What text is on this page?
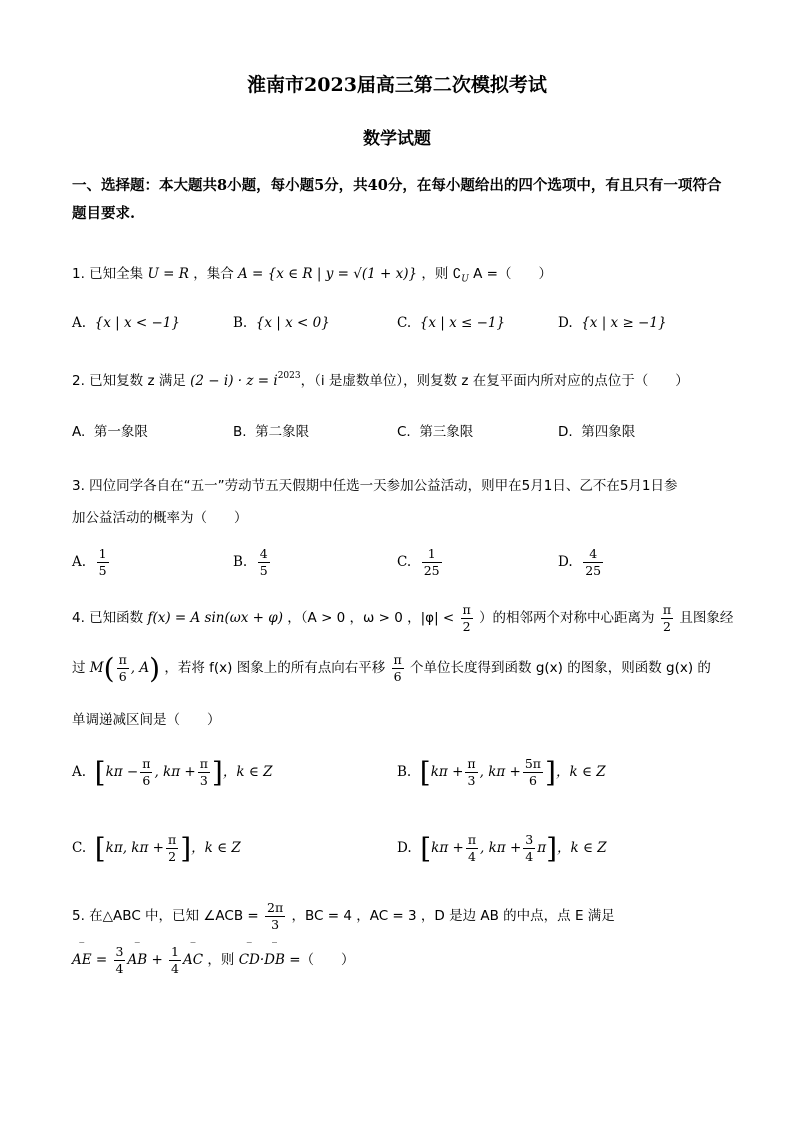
淮南市2023届高三第二次模拟考试
数学试题
一、选择题：本大题共8小题，每小题5分，共40分，在每小题给出的四个选项中，有且只有一项符合题目要求.
1. 已知全集 U = R ，集合 A = {x ∈ R | y = √(1 + x)} ，则 $∁_U$ A =（　　）
A.  {x | x < −1}	B.  {x | x < 0}	C.  {x | x ≤ −1}	D.  {x | x ≥ −1}
2. 已知复数 z 满足 $(2 - i) \cdot z = i^{2023}$，（i 是虚数单位），则复数 z 在复平面内所对应的点位于（　　）
A.  第一象限	B.  第二象限	C.  第三象限	D.  第四象限
3. 四位同学各自在“五一”劳动节五天假期中任选一天参加公益活动，则甲在5月1日、乙不在5月1日参
加公益活动的概率为（　　）
A. $\frac{1}{5}$	B. $\frac{4}{5}$	C. $\frac{1}{25}$	D. $\frac{4}{25}$
4. 已知函数 f(x) = A sin(ωx + φ) ，（A > 0 ，ω > 0 ，$|\varphi| < \frac{\pi}{2}$ ）的相邻两个对称中心距离为 $\frac{\pi}{2}$ 且图象经
过 $M( \frac{\pi}{6}$ , A) ，若将 f(x) 图象上的所有点向右平移 $\frac{\pi}{6}$ 个单位长度得到函数 g(x) 的图象，则函数 g(x) 的
单调递减区间是（　　）
A.  [$k\pi - \frac{\pi}{6}$ , $k\pi + \frac{\pi}{3}$ ]，k ∈ Z	B.  [$k\pi + \frac{\pi}{3}$ , $k\pi + \frac{5\pi}{6}$ ]，k ∈ Z
C.  [kπ, $k\pi + \frac{\pi}{2}$ ]，k ∈ Z	D.  [$k\pi + \frac{\pi}{4}$ , $k\pi + \frac{3}{4} \pi$]，k ∈ Z
5. 在△ABC 中，已知 ∠ACB = $\frac{2\pi}{3}$ ，BC = 4 ，AC = 3 ，D 是边 AB 的中点，点 E 满足
‾ AE = $\frac{3}{4}$ ‾ AB + $\frac{1}{4}$ ‾ AC ，则 ‾ CD·‾ DB =（　　）
